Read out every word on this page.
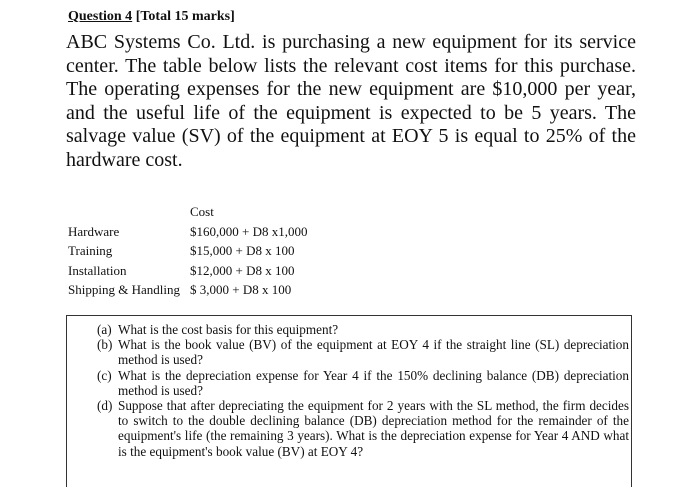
Question 4 [Total 15 marks]
ABC Systems Co. Ltd. is purchasing a new equipment for its service center. The table below lists the relevant cost items for this purchase. The operating expenses for the new equipment are $10,000 per year, and the useful life of the equipment is expected to be 5 years. The salvage value (SV) of the equipment at EOY 5 is equal to 25% of the hardware cost.
Cost
Hardware	$160,000 + D8 x1,000
Training	$15,000 + D8 x 100
Installation	$12,000 + D8 x 100
Shipping & Handling $ 3,000 + D8 x 100
(a) What is the cost basis for this equipment?
(b) What is the book value (BV) of the equipment at EOY 4 if the straight line (SL) depreciation method is used?
(c) What is the depreciation expense for Year 4 if the 150% declining balance (DB) depreciation method is used?
(d) Suppose that after depreciating the equipment for 2 years with the SL method, the firm decides to switch to the double declining balance (DB) depreciation method for the remainder of the equipment's life (the remaining 3 years). What is the depreciation expense for Year 4 AND what is the equipment's book value (BV) at EOY 4?
